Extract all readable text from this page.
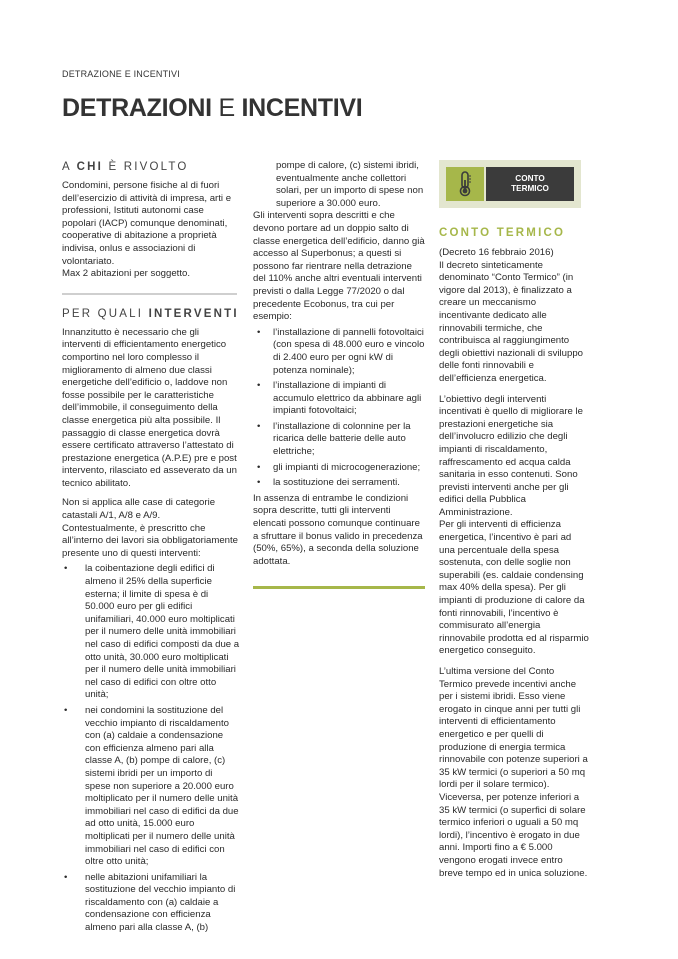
DETRAZIONE E INCENTIVI
DETRAZIONI E INCENTIVI
A CHI È RIVOLTO

Condomini, persone fisiche al di fuori dell’esercizio di attività di impresa, arti e professioni, Istituti autonomi case popolari (IACP) comunque denominati, cooperative di abitazione a proprietà indivisa, onlus e associazioni di volontariato.

Max 2 abitazioni per soggetto.

PER QUALI INTERVENTI

Innanzitutto è necessario che gli interventi di efficientamento energetico comportino nel loro complesso il miglioramento di almeno due classi energetiche dell’edificio o, laddove non fosse possibile per le caratteristiche dell’immobile, il conseguimento della classe energetica più alta possibile. Il passaggio di classe energetica dovrà essere certificato attraverso l’attestato di prestazione energetica (A.P.E) pre e post intervento, rilasciato ed asseverato da un tecnico abilitato.

Non si applica alle case di categorie catastali A/1, A/8 e A/9.

Contestualmente, è prescritto che all’interno dei lavori sia obbligatoriamente presente uno di questi interventi:

• la coibentazione degli edifici di almeno il 25% della superficie esterna; il limite di spesa è di 50.000 euro per gli edifici unifamiliari, 40.000 euro moltiplicati per il numero delle unità immobiliari nel caso di edifici composti da due a otto unità, 30.000 euro moltiplicati per il numero delle unità immobiliari nel caso di edifici con oltre otto unità;
• nei condomini la sostituzione del vecchio impianto di riscaldamento con (a) caldaie a condensazione con efficienza almeno pari alla classe A, (b) pompe di calore, (c) sistemi ibridi per un importo di spese non superiore a 20.000 euro moltiplicato per il numero delle unità immobiliari nel caso di edifici da due ad otto unità, 15.000 euro moltiplicati per il numero delle unità immobiliari nel caso di edifici con oltre otto unità;
• nelle abitazioni unifamiliari la sostituzione del vecchio impianto di riscaldamento con (a) caldaie a condensazione con efficienza almeno pari alla classe A, (b)

pompe di calore, (c) sistemi ibridi, eventualmente anche collettori solari, per un importo di spese non superiore a 30.000 euro.

Gli interventi sopra descritti e che devono portare ad un doppio salto di classe energetica dell’edificio, danno già accesso al Superbonus; a questi si possono far rientrare nella detrazione del 110% anche altri eventuali interventi previsti o dalla Legge 77/2020 o dal precedente Ecobonus, tra cui per esempio:

• l’installazione di pannelli fotovoltaici (con spesa di 48.000 euro e vincolo di 2.400 euro per ogni kW di potenza nominale);
• l’installazione di impianti di accumulo elettrico da abbinare agli impianti fotovoltaici;
• l’installazione di colonnine per la ricarica delle batterie delle auto elettriche;
• gli impianti di microcogenerazione;
• la sostituzione dei serramenti.

In assenza di entrambe le condizioni sopra descritte, tutti gli interventi elencati possono comunque continuare a sfruttare il bonus valido in precedenza (50%, 65%), a seconda della soluzione adottata.

CONTO
TERMICO
CONTO TERMICO

(Decreto 16 febbraio 2016)

Il decreto sinteticamente denominato “Conto Termico” (in vigore dal 2013), è finalizzato a creare un meccanismo incentivante dedicato alle rinnovabili termiche, che contribuisca al raggiungimento degli obiettivi nazionali di sviluppo delle fonti rinnovabili e dell’efficienza energetica.

L’obiettivo degli interventi incentivati è quello di migliorare le prestazioni energetiche sia dell’involucro edilizio che degli impianti di riscaldamento, raffrescamento ed acqua calda sanitaria in esso contenuti. Sono previsti interventi anche per gli edifici della Pubblica Amministrazione.

Per gli interventi di efficienza energetica, l’incentivo è pari ad una percentuale della spesa sostenuta, con delle soglie non superabili (es. caldaie condensing max 40% della spesa). Per gli impianti di produzione di calore da fonti rinnovabili, l’incentivo è commisurato all’energia rinnovabile prodotta ed al risparmio energetico conseguito.

L’ultima versione del Conto Termico prevede incentivi anche per i sistemi ibridi. Esso viene erogato in cinque anni per tutti gli interventi di efficientamento energetico e per quelli di produzione di energia termica rinnovabile con potenze superiori a 35 kW termici (o superiori a 50 mq lordi per il solare termico). Viceversa, per potenze inferiori a 35 kW termici (o superfici di solare termico inferiori o uguali a 50 mq lordi), l’incentivo è erogato in due anni. Importi fino a € 5.000 vengono erogati invece entro breve tempo ed in unica soluzione.
